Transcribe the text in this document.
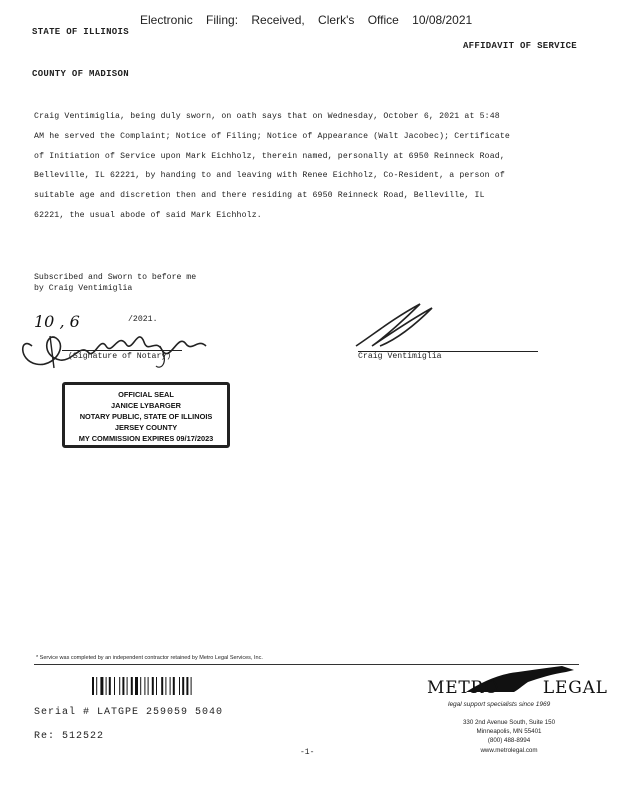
Electronic Filing: Received, Clerk's Office 10/08/2021
STATE OF ILLINOIS
AFFIDAVIT OF SERVICE
COUNTY OF MADISON
Craig Ventimiglia, being duly sworn, on oath says that on Wednesday, October 6, 2021 at 5:48
AM he served the Complaint; Notice of Filing; Notice of Appearance (Walt Jacobec); Certificate
of Initiation of Service upon Mark Eichholz, therein named, personally at 6950 Reinneck Road,
Belleville, IL 62221, by handing to and leaving with Renee Eichholz, Co-Resident, a person of
suitable age and discretion then and there residing at 6950 Reinneck Road, Belleville, IL
62221, the usual abode of said Mark Eichholz.
Subscribed and Sworn to before me
by Craig Ventimiglia
10 , 6	/2021.
(Signature of Notary)	Craig Ventimiglia
OFFICIAL SEAL
JANICE LYBARGER
NOTARY PUBLIC, STATE OF ILLINOIS
JERSEY COUNTY
MY COMMISSION EXPIRES 09/17/2023
* Service was completed by an independent contractor retained by Metro Legal Services, Inc.
Serial # LATGPE 259059 5040
Re: 512522
-1-
METRO	LEGAL
legal support specialists since 1969
330 2nd Avenue South, Suite 150
Minneapolis, MN 55401
(800) 488-8994
www.metrolegal.com
